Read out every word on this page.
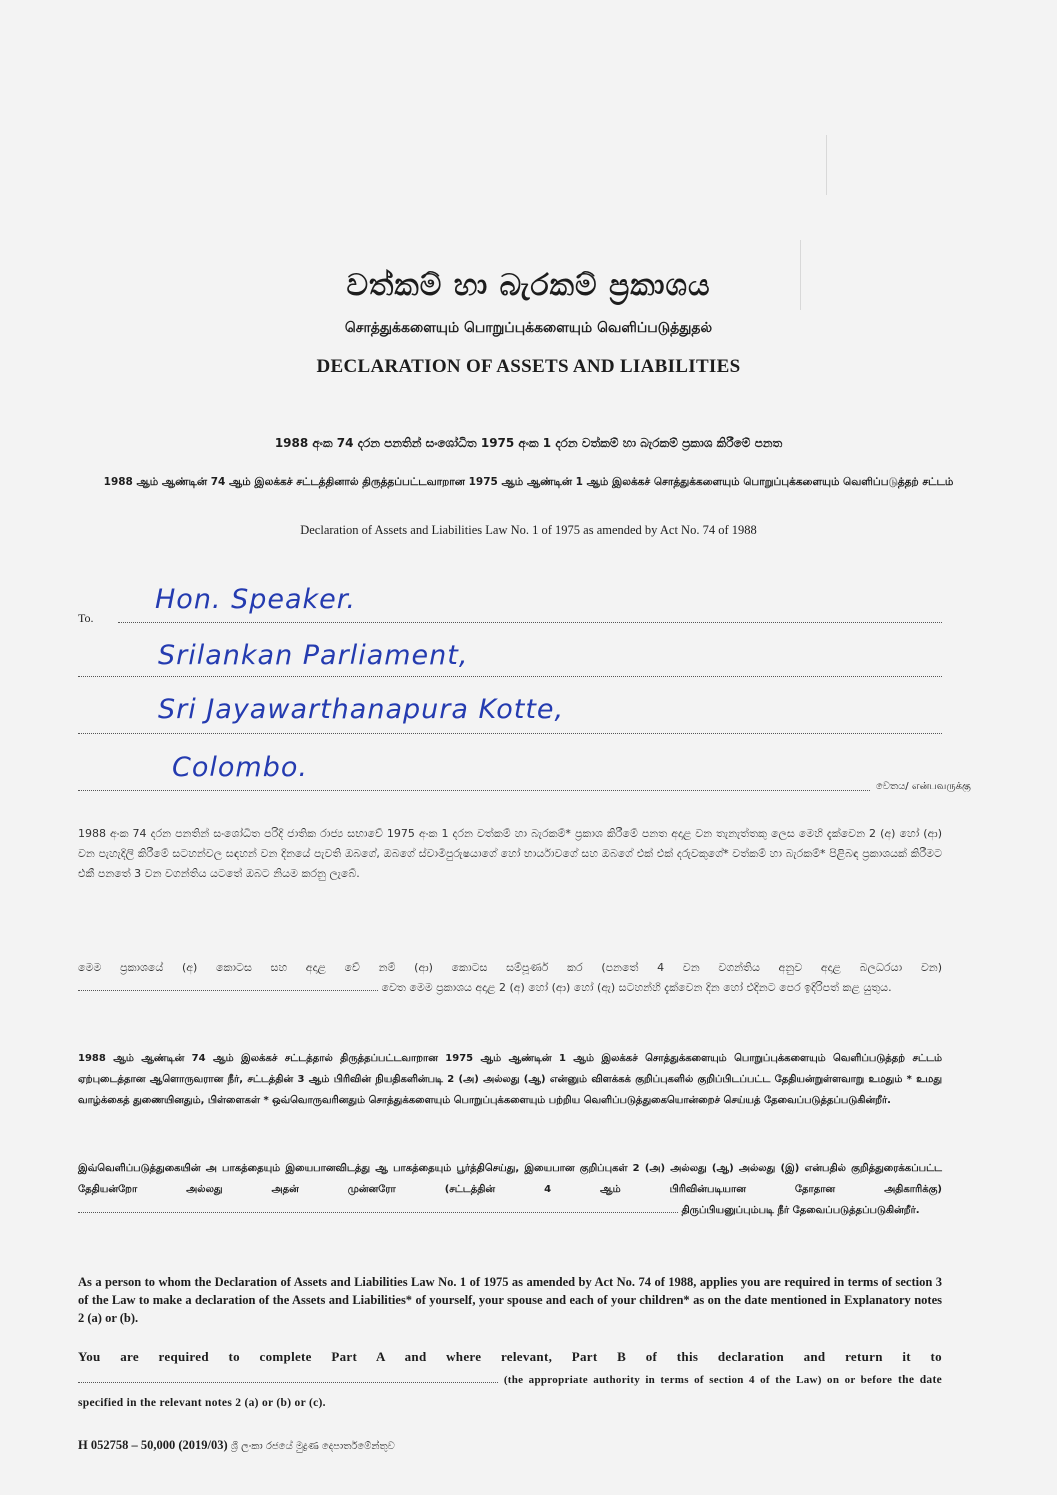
වත්කම් හා බැරකම් ප්‍රකාශය
சொத்துக்களையும் பொறுப்புக்களையும் வெளிப்படுத்துதல்
DECLARATION OF ASSETS AND LIABILITIES
1988 අංක 74 දරන පනතින් සංශෝධිත 1975 අංක 1 දරන වත්කම් හා බැරකම් ප්‍රකාශ කිරීමේ පනත
1988 ஆம் ஆண்டின் 74 ஆம் இலக்கச் சட்டத்தினால் திருத்தப்பட்டவாறான 1975 ஆம் ஆண்டின் 1 ஆம் இலக்கச் சொத்துக்களையும் பொறுப்புக்களையும் வெளிப்படுத்தற் சட்டம்
Declaration of Assets and Liabilities Law No. 1 of 1975 as amended by Act No. 74 of 1988
To.
Hon. Speaker.
Srilankan Parliament,
Sri Jayawarthanapura Kotte,
Colombo.
වෙතය/ என்பவருக்கு
1988 අංක 74 දරන පනතින් සංශෝධිත පරිදි ජාතික රාජ්‍ය සභාවේ 1975 අංක 1 දරන වත්කම් හා බැරකම්* ප්‍රකාශ කිරීමේ පනත අදාළ වන තැනැත්තකු ලෙස මෙහි දැක්වෙන 2 (අ) හෝ (ආ) වන පැහැදිලි කිරීමේ සටහන්වල සඳහන් වන දිනයේ පැවති ඔබගේ, ඔබගේ ස්වාමිපුරුෂයාගේ හෝ භාර්යාවගේ සහ ඔබගේ එක් එක් දරුවකුගේ* වත්කම් හා බැරකම්* පිළිබඳ ප්‍රකාශයක් කිරීමට එකී පනතේ 3 වන වගන්තිය යටතේ ඔබට නියම කරනු ලැබේ.
මෙම ප්‍රකාශයේ (අ) කොටස සහ අදාළ වේ නම් (ආ) කොටස සම්පූර්ණ කර (පනතේ 4 වන වගන්තිය අනුව අදාළ බලධරයා වන)  වෙත මෙම ප්‍රකාශය අදාළ 2 (අ) හෝ (ආ) හෝ (ඇ) සටහන්හි දැක්වෙන දින හෝ එදිනට පෙර ඉදිරිපත් කළ යුතුය.
1988 ஆம் ஆண்டின் 74 ஆம் இலக்கச் சட்டத்தால் திருத்தப்பட்டவாறான 1975 ஆம் ஆண்டின் 1 ஆம் இலக்கச் சொத்துக்களையும் பொறுப்புக்களையும் வெளிப்படுத்தற் சட்டம் ஏற்புடைத்தான ஆளொருவரான நீர், சட்டத்தின் 3 ஆம் பிரிவின் நியதிகளின்படி 2 (அ) அல்லது (ஆ) என்னும் விளக்கக் குறிப்புகளில் குறிப்பிடப்பட்ட தேதியன்றுள்ளவாறு உமதும் * உமது வாழ்க்கைத் துணையினதும், பிள்ளைகள் * ஒவ்வொருவரினதும் சொத்துக்களையும் பொறுப்புக்களையும் பற்றிய வெளிப்படுத்துகையொன்றைச் செய்யத் தேவைப்படுத்தப்படுகின்றீர்.
இவ்வெளிப்படுத்துகையின் அ பாகத்தையும் இயைபானவிடத்து ஆ பாகத்தையும் பூர்த்திசெய்து, இயைபான குறிப்புகள் 2 (அ) அல்லது (ஆ) அல்லது (இ) என்பதில் குறித்துரைக்கப்பட்ட தேதியன்றோ அல்லது அதன் முன்னரோ (சட்டத்தின் 4 ஆம் பிரிவின்படியான தோதான அதிகாரிக்கு)  திருப்பியனுப்பும்படி நீர் தேவைப்படுத்தப்படுகின்றீர்.
As a person to whom the Declaration of Assets and Liabilities Law No. 1 of 1975 as amended by Act No. 74 of 1988, applies you are required in terms of section 3 of the Law to make a declaration of the Assets and Liabilities* of yourself, your spouse and each of your children* as on the date mentioned in Explanatory notes 2 (a) or (b).
You are required to complete Part A and where relevant, Part B of this declaration and return it to  (the appropriate authority in terms of section 4 of the Law) on or before the date specified in the relevant notes 2 (a) or (b) or (c).
H 052758 – 50,000 (2019/03) ශ්‍රී ලංකා රජයේ මුද්‍රණ දෙපාර්තමේන්තුව
